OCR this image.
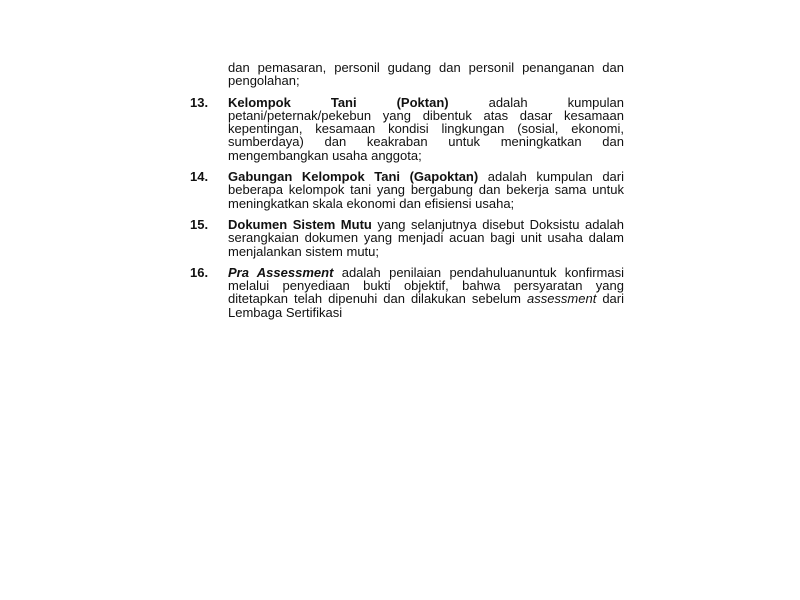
dan pemasaran, personil gudang dan personil penanganan dan pengolahan;
13.	Kelompok Tani (Poktan) adalah kumpulan petani/peternak/pekebun yang dibentuk atas dasar kesamaan kepentingan, kesamaan kondisi lingkungan (sosial, ekonomi, sumberdaya) dan keakraban untuk meningkatkan dan mengembangkan usaha anggota;
14.	Gabungan Kelompok Tani (Gapoktan) adalah kumpulan dari beberapa kelompok tani yang bergabung dan bekerja sama untuk meningkatkan skala ekonomi dan efisiensi usaha;
15.	Dokumen Sistem Mutu yang selanjutnya disebut Doksistu adalah serangkaian dokumen yang menjadi acuan bagi unit usaha dalam menjalankan sistem mutu;
16.	Pra Assessment adalah penilaian pendahuluanuntuk konfirmasi melalui penyediaan bukti objektif, bahwa persyaratan yang ditetapkan telah dipenuhi dan dilakukan sebelum assessment dari Lembaga Sertifikasi
